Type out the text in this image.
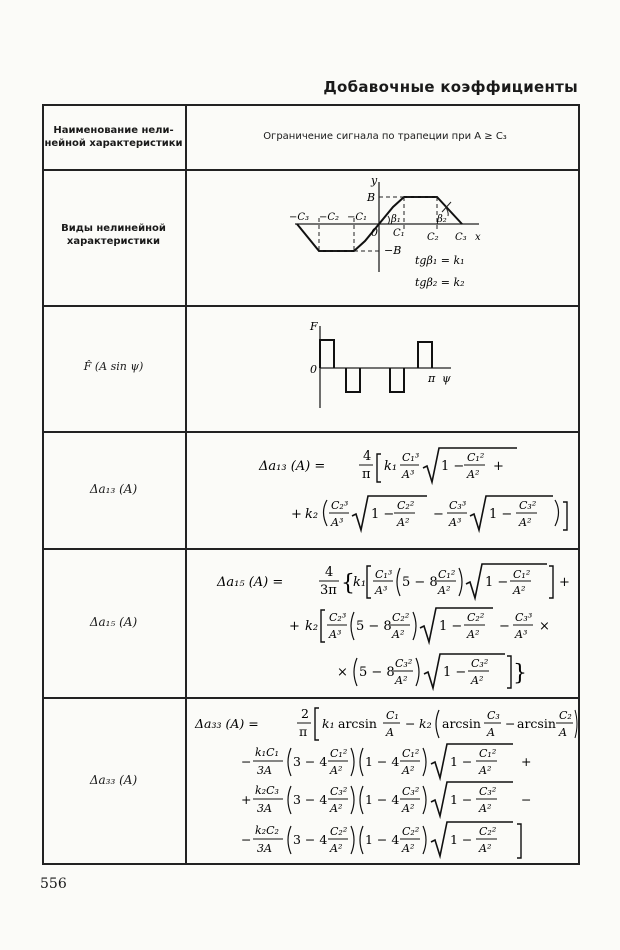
Добавочные коэффициенты
Наименование нели-
нейной характеристики
Ограничение сигнала по трапеции при A ≥ C₃
Виды нелинейной
характеристики
F̂ (A sin ψ)
Δa₁₃ (A)
Δa₁₅ (A)
Δa₃₃ (A)
y
B
−B
0
−C₃ −C₂ −C₁
C₁ C₂ C₃ x
β₁	β₂
tgβ₁ = k₁
tgβ₂ = k₂
F
0
π ψ
Δa₁₃ (A) =
4
π
k₁
C₁³
A³
1 −
C₁²
A²
+
+ k₂
C₂³
A³
1 −
C₂²
A²
−
C₃³
A³
1 −
C₃²
A²
Δa₁₅ (A) =
4
3π {
k₁
C₁³
A³
5 − 8
C₁²
A²
1 −
C₁²
A²
+
+ k₂
C₂³
A³
5 − 8
C₂²
A²
1 −
C₂²
A²
−
C₃³
A³
×
× 5 − 8
C₃²
A²
1 −
C₃²
A² }
Δa₃₃ (A) =
2
π
k₁ arcsin
C₁
A
− k₂ arcsin
C₃
A
− arcsin
C₂
A
−
k₁C₁
3A
3 − 4
C₁²
A²
1 − 4
C₁²
A²
1 −
C₁²
A²
+
+
k₂C₃
3A
3 − 4
C₃²
A²
1 − 4
C₃²
A²
1 −
C₃²
A²
−
−
k₂C₂
3A
3 − 4
C₂²
A²
1 − 4
C₂²
A²
1 −
C₂²
A²
556
